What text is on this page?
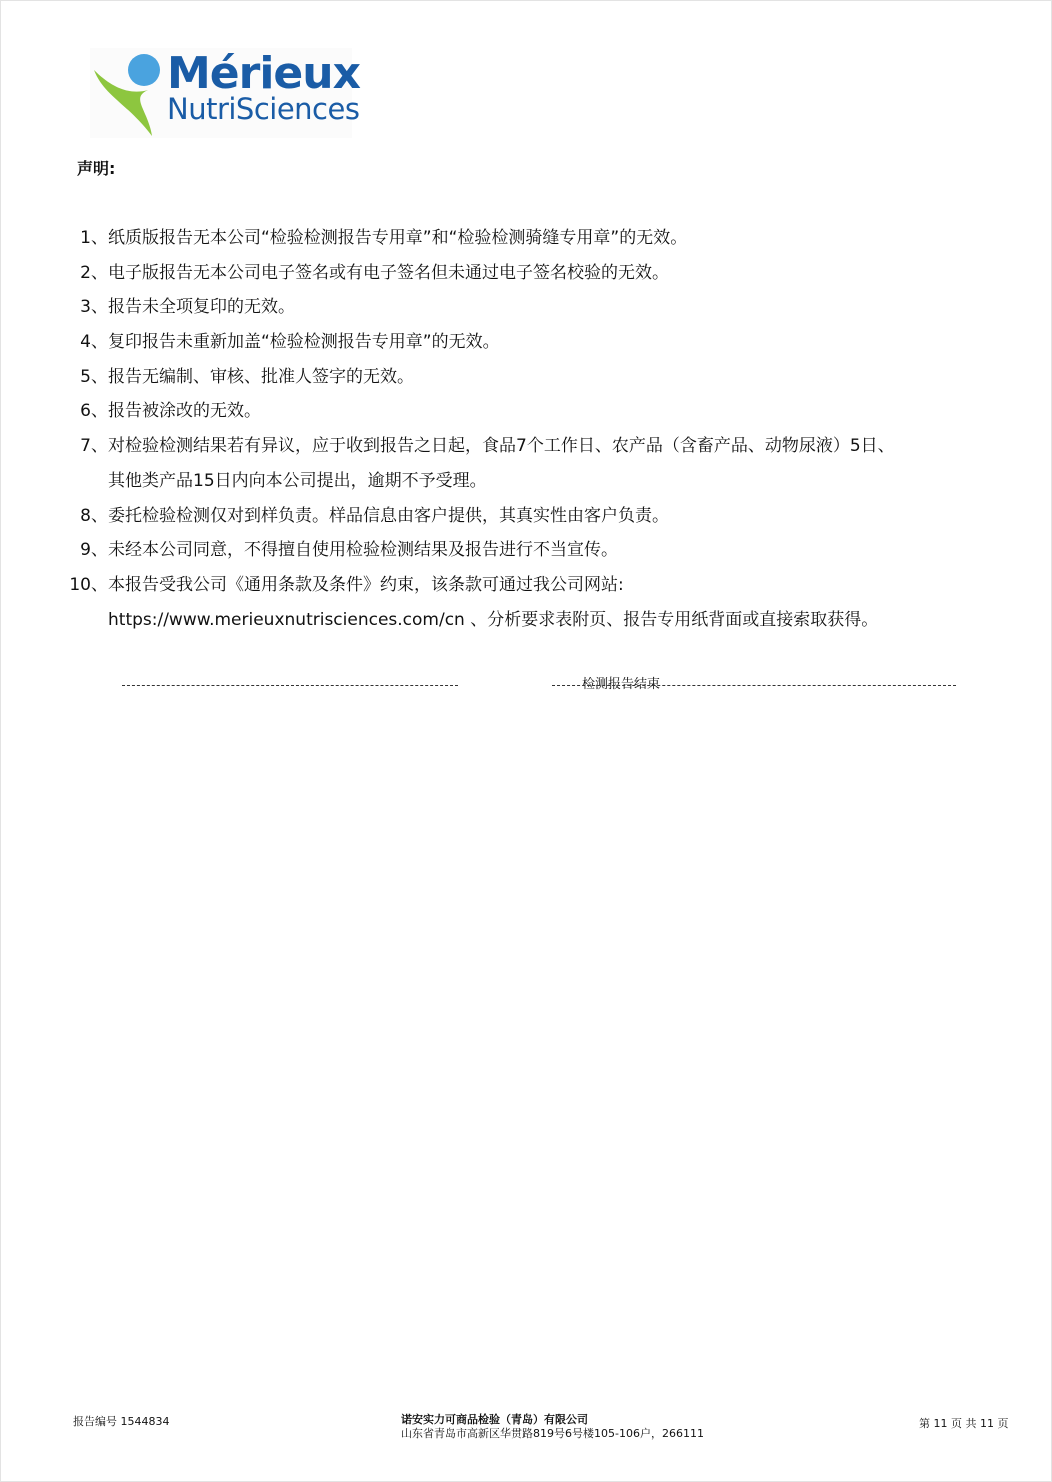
Mérieux
NutriSciences
声明:
1、 纸质版报告无本公司“检验检测报告专用章”和“检验检测骑缝专用章”的无效。
2、 电子版报告无本公司电子签名或有电子签名但未通过电子签名校验的无效。
3、 报告未全项复印的无效。
4、 复印报告未重新加盖“检验检测报告专用章”的无效。
5、 报告无编制、审核、批准人签字的无效。
6、 报告被涂改的无效。
7、 对检验检测结果若有异议，应于收到报告之日起，食品7个工作日、农产品（含畜产品、动物尿液）5日、
其他类产品15日内向本公司提出，逾期不予受理。
8、 委托检验检测仅对到样负责。样品信息由客户提供，其真实性由客户负责。
9、 未经本公司同意，不得擅自使用检验检测结果及报告进行不当宣传。
10、 本报告受我公司《通用条款及条件》约束，该条款可通过我公司网站:
https://www.merieuxnutrisciences.com/cn 、分析要求表附页、报告专用纸背面或直接索取获得。
检测报告结束
报告编号 1544834	诺安实力可商品检验（青岛）有限公司
山东省青岛市高新区华贯路819号6号楼105-106户，266111
第 11 页 共 11 页
